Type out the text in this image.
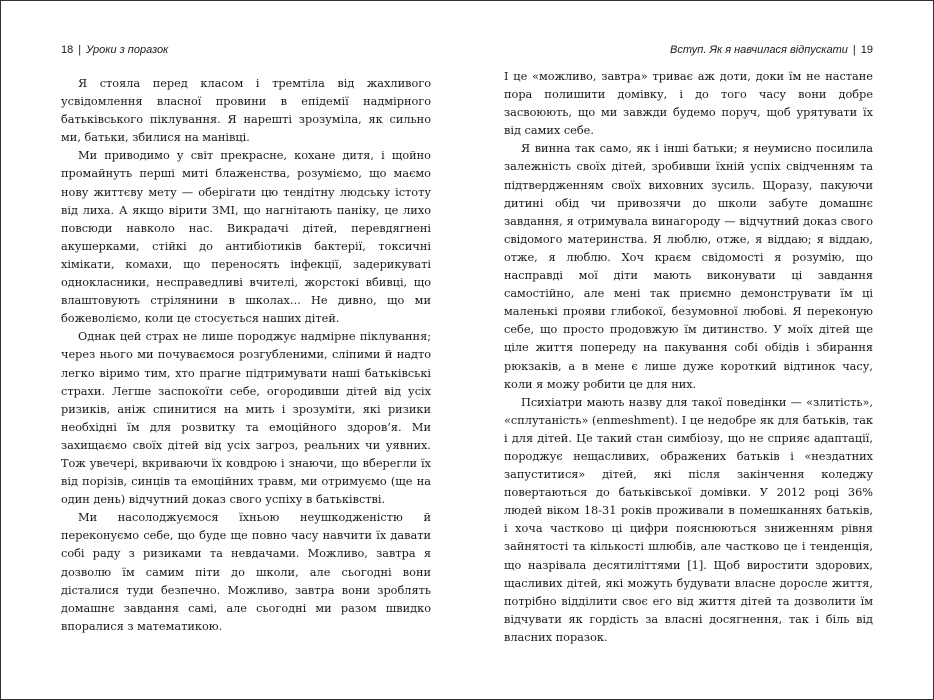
18 | Уроки з поразок

Я стояла перед класом і тремтіла від жахливого усвідомлення власної провини в епідемії надмірного батьківського піклування. Я нарешті зрозуміла, як сильно ми, батьки, збилися на манівці.

Ми приводимо у світ прекрасне, кохане дитя, і щойно промайнуть перші миті блаженства, розуміємо, що маємо нову життєву мету — оберігати цю тендітну людську істоту від лиха. А якщо вірити ЗМІ, що нагнітають паніку, це лихо повсюди навколо нас. Викрадачі дітей, перевдягнені акушерками, стійкі до антибіотиків бактерії, токсичні хімікати, комахи, що переносять інфекції, задерикуваті однокласники, несправедливі вчителі, жорстокі вбивці, що влаштовують стрілянини в школах... Не дивно, що ми божеволіємо, коли це стосується наших дітей.

Однак цей страх не лише породжує надмірне піклування; через нього ми почуваємося розгубленими, сліпими й надто легко віримо тим, хто прагне підтримувати наші батьківські страхи. Легше заспокоїти себе, огородивши дітей від усіх ризиків, аніж спинитися на мить і зрозуміти, які ризики необхідні їм для розвитку та емоційного здоров’я. Ми захищаємо своїх дітей від усіх загроз, реальних чи уявних. Тож увечері, вкриваючи їх ковдрою і знаючи, що вберегли їх від порізів, синців та емоційних травм, ми отримуємо (ще на один день) відчутний доказ свого успіху в батьківстві.

Ми насолоджуємося їхньою неушкодженістю й переконуємо себе, що буде ще повно часу навчити їх давати собі раду з ризиками та невдачами. Можливо, завтра я дозволю їм самим піти до школи, але сьогодні вони дісталися туди безпечно. Можливо, завтра вони зроблять домашнє завдання самі, але сьогодні ми разом швидко впоралися з математикою.

Вступ. Як я навчилася відпускати | 19

І це «можливо, завтра» триває аж доти, доки їм не настане пора полишити домівку, і до того часу вони добре засвоюють, що ми завжди будемо поруч, щоб урятувати їх від самих себе.

Я винна так само, як і інші батьки; я неумисно посилила залежність своїх дітей, зробивши їхній успіх свідченням та підтвердженням своїх виховних зусиль. Щоразу, пакуючи дитині обід чи привозячи до школи забуте домашнє завдання, я отримувала винагороду — відчутний доказ свого свідомого материнства. Я люблю, отже, я віддаю; я віддаю, отже, я люблю. Хоч краєм свідомості я розумію, що насправді мої діти мають виконувати ці завдання самостійно, але мені так приємно демонструвати їм ці маленькі прояви глибокої, безумовної любові. Я переконую себе, що просто продовжую їм дитинство. У моїх дітей ще ціле життя попереду на пакування собі обідів і збирання рюкзаків, а в мене є лише дуже короткий відтинок часу, коли я можу робити це для них.

Психіатри мають назву для такої поведінки — «злитість», «сплутаність» (enmeshment). І це недобре як для батьків, так і для дітей. Це такий стан симбіозу, що не сприяє адаптації, породжує нещасливих, ображених батьків і «нездатних запуститися» дітей, які після закінчення коледжу повертаються до батьківської домівки. У 2012 році 36% людей віком 18-31 років проживали в помешканнях батьків, і хоча частково ці цифри пояснюються зниженням рівня зайнятості та кількості шлюбів, але частково це і тенденція, що назрівала десятиліттями [1]. Щоб виростити здорових, щасливих дітей, які можуть будувати власне доросле життя, потрібно відділити своє его від життя дітей та дозволити їм відчувати як гордість за власні досягнення, так і біль від власних поразок.
